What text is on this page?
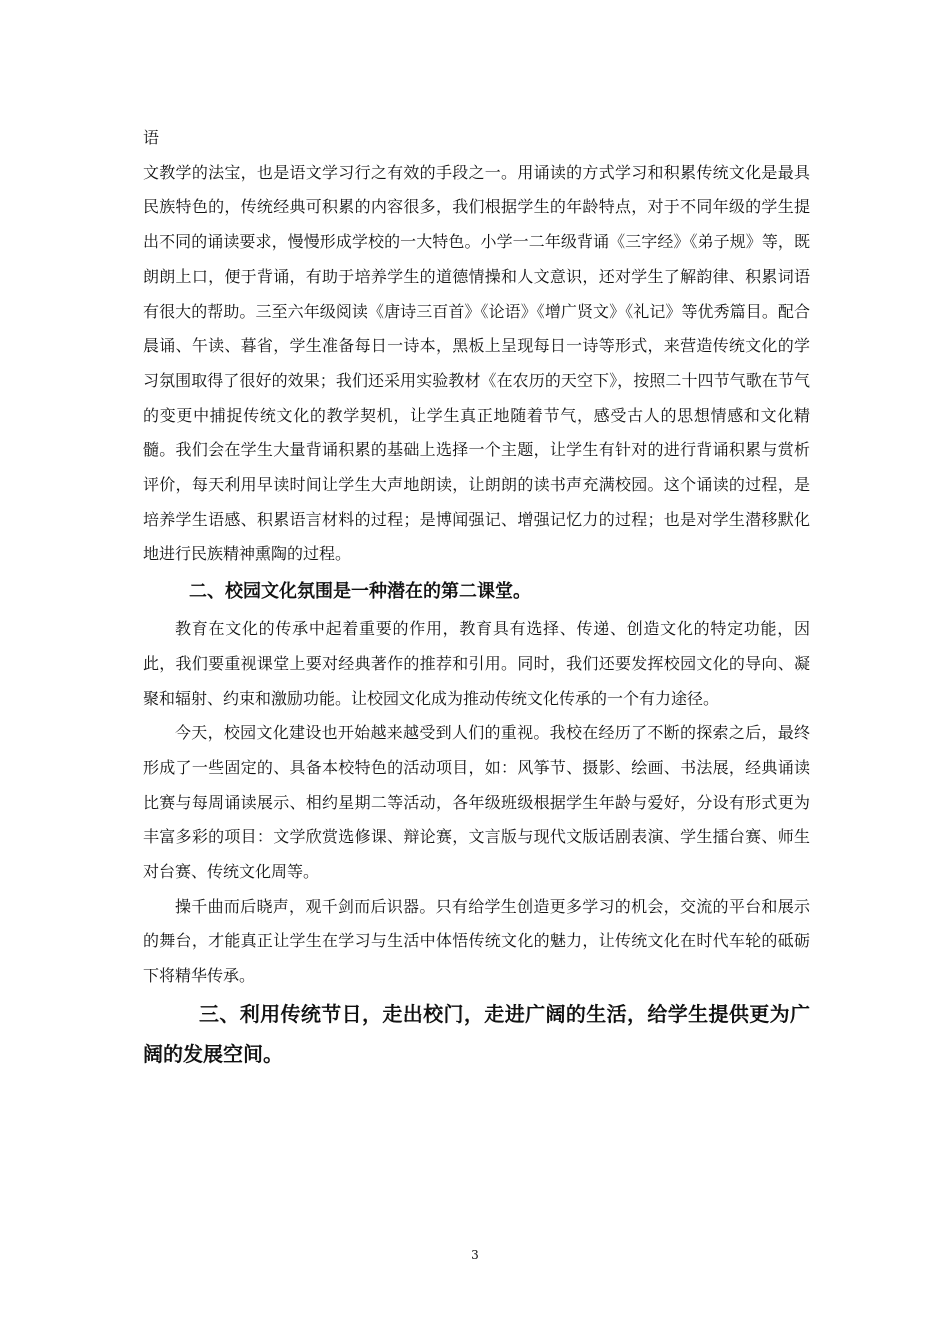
语

文教学的法宝，也是语文学习行之有效的手段之一。用诵读的方式学习和积累传统文化是最具民族特色的，传统经典可积累的内容很多，我们根据学生的年龄特点，对于不同年级的学生提出不同的诵读要求，慢慢形成学校的一大特色。小学一二年级背诵《三字经》《弟子规》等，既朗朗上口，便于背诵，有助于培养学生的道德情操和人文意识，还对学生了解韵律、积累词语有很大的帮助。三至六年级阅读《唐诗三百首》《论语》《增广贤文》《礼记》等优秀篇目。配合晨诵、午读、暮省，学生准备每日一诗本，黑板上呈现每日一诗等形式，来营造传统文化的学习氛围取得了很好的效果；我们还采用实验教材《在农历的天空下》，按照二十四节气歌在节气的变更中捕捉传统文化的教学契机，让学生真正地随着节气，感受古人的思想情感和文化精髓。我们会在学生大量背诵积累的基础上选择一个主题，让学生有针对的进行背诵积累与赏析评价，每天利用早读时间让学生大声地朗读，让朗朗的读书声充满校园。这个诵读的过程，是培养学生语感、积累语言材料的过程；是博闻强记、增强记忆力的过程；也是对学生潜移默化地进行民族精神熏陶的过程。

二、校园文化氛围是一种潜在的第二课堂。

教育在文化的传承中起着重要的作用，教育具有选择、传递、创造文化的特定功能，因此，我们要重视课堂上要对经典著作的推荐和引用。同时，我们还要发挥校园文化的导向、凝聚和辐射、约束和激励功能。让校园文化成为推动传统文化传承的一个有力途径。

今天，校园文化建设也开始越来越受到人们的重视。我校在经历了不断的探索之后，最终形成了一些固定的、具备本校特色的活动项目，如：风筝节、摄影、绘画、书法展，经典诵读比赛与每周诵读展示、相约星期二等活动，各年级班级根据学生年龄与爱好，分设有形式更为丰富多彩的项目：文学欣赏选修课、辩论赛，文言版与现代文版话剧表演、学生擂台赛、师生对台赛、传统文化周等。

操千曲而后晓声，观千剑而后识器。只有给学生创造更多学习的机会，交流的平台和展示的舞台，才能真正让学生在学习与生活中体悟传统文化的魅力，让传统文化在时代车轮的砥砺下将精华传承。

三、利用传统节日，走出校门，走进广阔的生活，给学生提供更为广阔的发展空间。

3
